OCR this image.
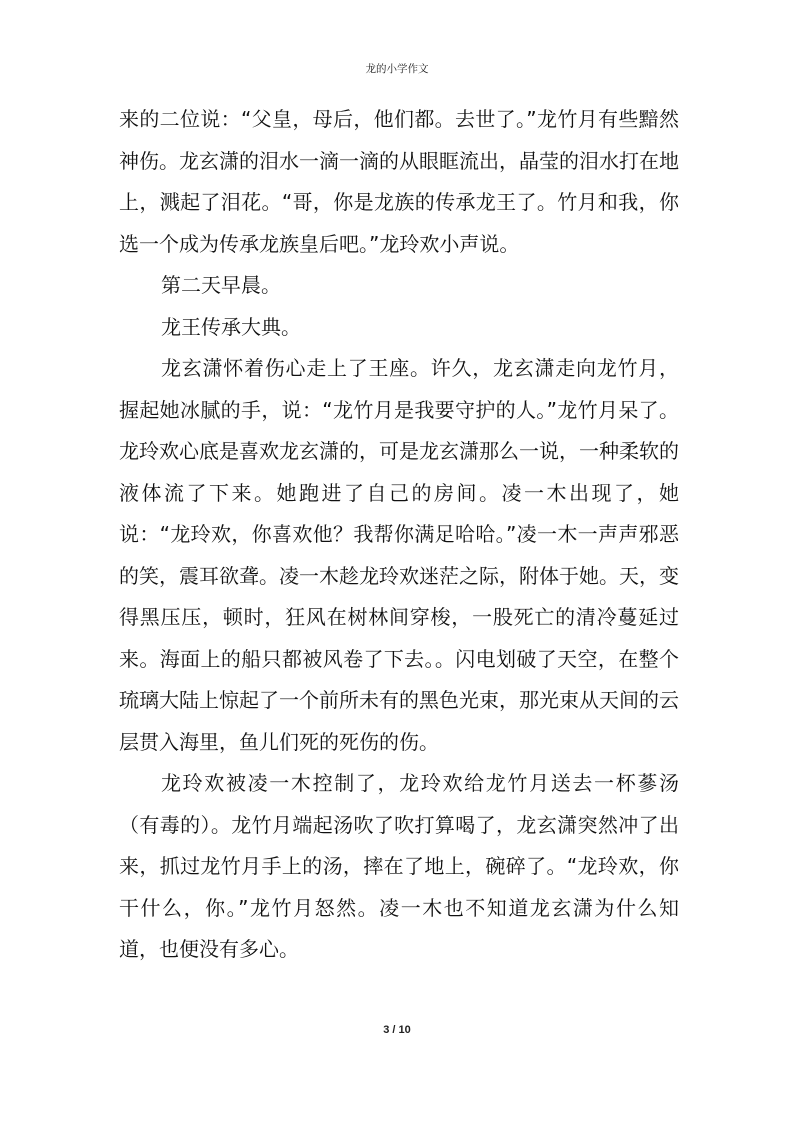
龙的小学作文

来的二位说：“父皇，母后，他们都。去世了。”龙竹月有些黯然神伤。龙玄潇的泪水一滴一滴的从眼眶流出，晶莹的泪水打在地上，溅起了泪花。“哥，你是龙族的传承龙王了。竹月和我，你选一个成为传承龙族皇后吧。”龙玲欢小声说。

第二天早晨。

龙王传承大典。

龙玄潇怀着伤心走上了王座。许久，龙玄潇走向龙竹月，握起她冰腻的手，说：“龙竹月是我要守护的人。”龙竹月呆了。龙玲欢心底是喜欢龙玄潇的，可是龙玄潇那么一说，一种柔软的液体流了下来。她跑进了自己的房间。凌一木出现了，她说：“龙玲欢，你喜欢他？我帮你满足哈哈。”凌一木一声声邪恶的笑，震耳欲聋。凌一木趁龙玲欢迷茫之际，附体于她。天，变得黑压压，顿时，狂风在树林间穿梭，一股死亡的清冷蔓延过来。海面上的船只都被风卷了下去。。闪电划破了天空，在整个琉璃大陆上惊起了一个前所未有的黑色光束，那光束从天间的云层贯入海里，鱼儿们死的死伤的伤。

龙玲欢被凌一木控制了，龙玲欢给龙竹月送去一杯蔘汤（有毒的）。龙竹月端起汤吹了吹打算喝了，龙玄潇突然冲了出来，抓过龙竹月手上的汤，摔在了地上，碗碎了。“龙玲欢，你干什么，你。”龙竹月怒然。凌一木也不知道龙玄潇为什么知道，也便没有多心。

3 / 10
